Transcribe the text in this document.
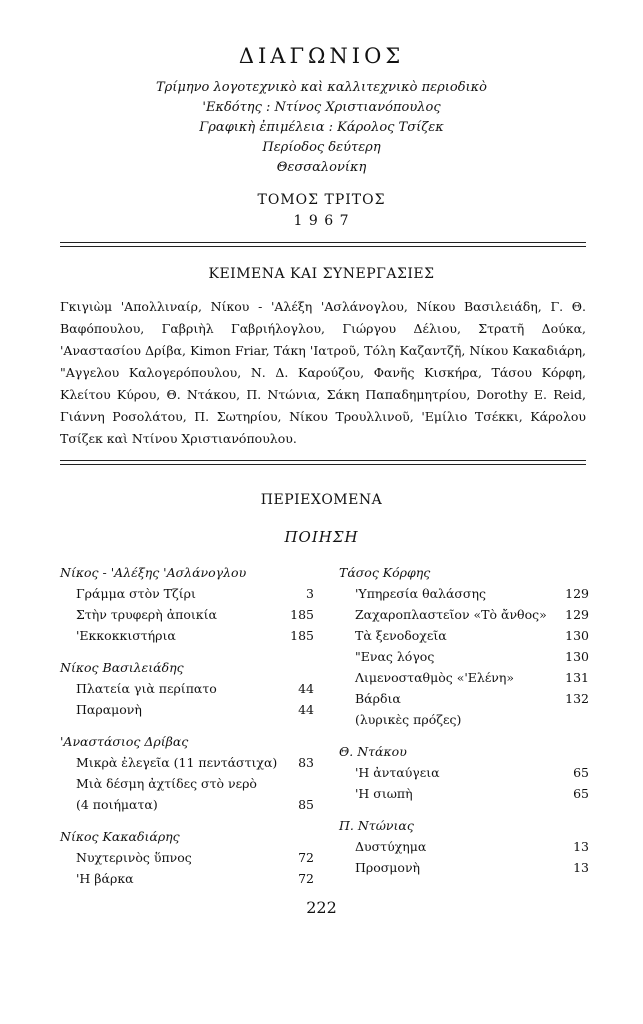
ΔΙΑΓΩΝΙΟΣ
Τρίμηνο λογοτεχνικὸ καὶ καλλιτεχνικὸ περιοδικὸ
'Εκδότης : Ντίνος Χριστιανόπουλος
Γραφικὴ ἐπιμέλεια : Κάρολος Τσίζεκ
Περίοδος δεύτερη
Θεσσαλονίκη
ΤΟΜΟΣ ΤΡΙΤΟΣ
1 9 6 7
ΚΕΙΜΕΝΑ ΚΑΙ ΣΥΝΕΡΓΑΣΙΕΣ
Γκιγιὼμ 'Απολλιναίρ, Νίκου - 'Αλέξη 'Ασλάνογλου, Νίκου Βασιλειάδη, Γ. Θ. Βαφόπουλου, Γαβριὴλ Γαβριήλογλου, Γιώργου Δέλιου, Στρατῆ Δούκα, 'Αναστασίου Δρίβα, Kimon Friar, Τάκη 'Ιατροῦ, Τόλη Καζαντζῆ, Νίκου Κακαδιάρη, "Αγγελου Καλογερόπουλου, Ν. Δ. Καρούζου, Φανῆς Κισκήρα, Τάσου Κόρφη, Κλείτου Κύρου, Θ. Ντάκου, Π. Ντώνια, Σάκη Παπαδημητρίου, Dorothy E. Reid, Γιάννη Ροσολάτου, Π. Σωτηρίου, Νίκου Τρουλλινοῦ, 'Εμίλιο Τσέκκι, Κάρολου Τσίζεκ καὶ Ντίνου Χριστιανόπουλου.
ΠΕΡΙΕΧΟΜΕΝΑ
ΠΟΙΗΣΗ
Νίκος - 'Αλέξης 'Ασλάνογλου
Γράμμα στὸν Τζίρι	3
Στὴν τρυφερὴ ἀποικία	185
'Εκκοκκιστήρια	185
Νίκος Βασιλειάδης
Πλατεία γιὰ περίπατο	44
Παραμονὴ	44
'Αναστάσιος Δρίβας
Μικρὰ ἐλεγεῖα (11 πεντάστιχα)	83
Μιὰ δέσμη ἀχτίδες στὸ νερὸ
(4 ποιήματα)	85
Νίκος Κακαδιάρης
Νυχτερινὸς ὕπνος	72
'Η βάρκα	72
Τάσος Κόρφης
'Υπηρεσία θαλάσσης	129
Ζαχαροπλαστεῖον «Τὸ ἄνθος»	129
Τὰ ξενοδοχεῖα	130
"Ενας λόγος	130
Λιμενοσταθμὸς «'Ελένη»	131
Βάρδια	132
(λυρικὲς πρόζες)
Θ. Ντάκου
'Η ἀνταύγεια	65
'Η σιωπὴ	65
Π. Ντώνιας
Δυστύχημα	13
Προσμονὴ	13
222
